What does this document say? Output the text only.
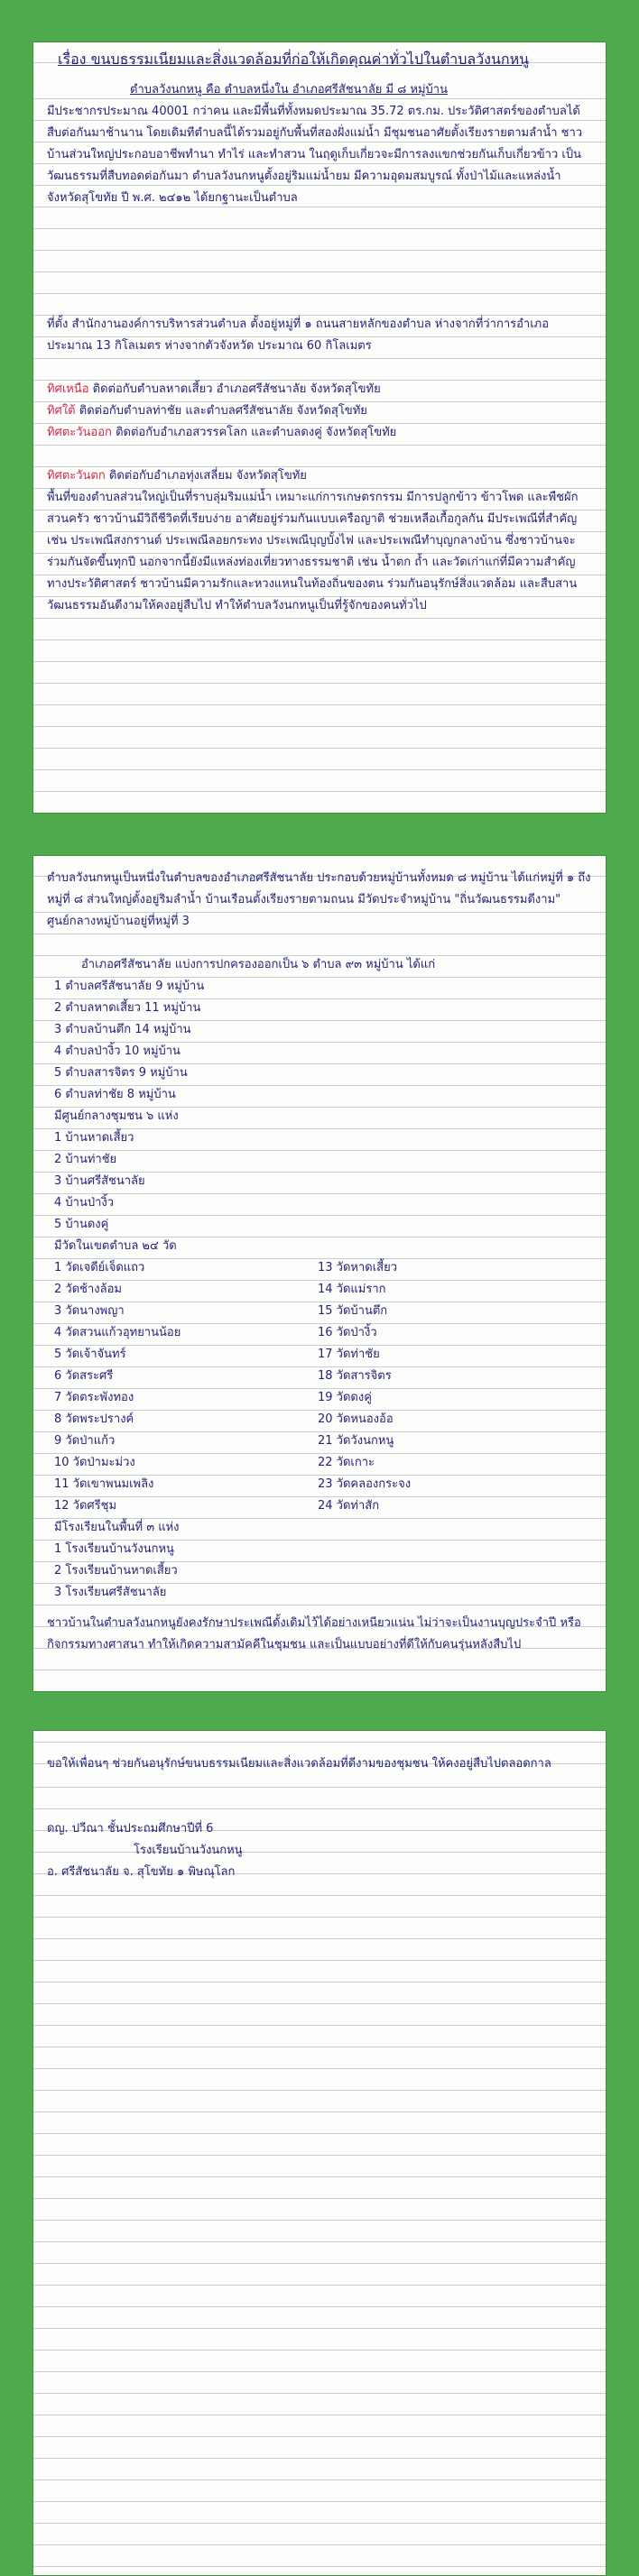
เรื่อง ขนบธรรมเนียมและสิ่งแวดล้อมที่ก่อให้เกิดคุณค่าทั่วไปในตำบลวังนกหนู
ตำบลวังนกหนู คือ ตำบลหนึ่งใน อำเภอศรีสัชนาลัย มี ๘ หมู่บ้าน
มีประชากรประมาณ 40001 กว่าคน และมีพื้นที่ทั้งหมดประมาณ 35.72 ตร.กม. ประวัติศาสตร์ของตำบลได้สืบต่อกันมาช้านาน โดยเดิมทีตำบลนี้ได้รวมอยู่กับพื้นที่สองฝั่งแม่น้ำ มีชุมชนอาศัยตั้งเรียงรายตามลำน้ำ ชาวบ้านส่วนใหญ่ประกอบอาชีพทำนา ทำไร่ และทำสวน ในฤดูเก็บเกี่ยวจะมีการลงแขกช่วยกันเก็บเกี่ยวข้าว เป็นวัฒนธรรมที่สืบทอดต่อกันมา ตำบลวังนกหนูตั้งอยู่ริมแม่น้ำยม มีความอุดมสมบูรณ์ ทั้งป่าไม้และแหล่งน้ำ จังหวัดสุโขทัย ปี พ.ศ. ๒๔๑๒ ได้ยกฐานะเป็นตำบล
ที่ตั้ง สำนักงานองค์การบริหารส่วนตำบล ตั้งอยู่หมู่ที่ ๑ ถนนสายหลักของตำบล ห่างจากที่ว่าการอำเภอ ประมาณ 13 กิโลเมตร ห่างจากตัวจังหวัด ประมาณ 60 กิโลเมตร
ทิศเหนือ ติดต่อกับตำบลหาดเสี้ยว อำเภอศรีสัชนาลัย จังหวัดสุโขทัย
ทิศใต้ ติดต่อกับตำบลท่าชัย และตำบลศรีสัชนาลัย จังหวัดสุโขทัย
ทิศตะวันออก ติดต่อกับอำเภอสวรรคโลก และตำบลดงคู่ จังหวัดสุโขทัย
ทิศตะวันตก ติดต่อกับอำเภอทุ่งเสลี่ยม จังหวัดสุโขทัย
พื้นที่ของตำบลส่วนใหญ่เป็นที่ราบลุ่มริมแม่น้ำ เหมาะแก่การเกษตรกรรม มีการปลูกข้าว ข้าวโพด และพืชผักสวนครัว ชาวบ้านมีวิถีชีวิตที่เรียบง่าย อาศัยอยู่ร่วมกันแบบเครือญาติ ช่วยเหลือเกื้อกูลกัน มีประเพณีที่สำคัญ เช่น ประเพณีสงกรานต์ ประเพณีลอยกระทง ประเพณีบุญบั้งไฟ และประเพณีทำบุญกลางบ้าน ซึ่งชาวบ้านจะร่วมกันจัดขึ้นทุกปี นอกจากนี้ยังมีแหล่งท่องเที่ยวทางธรรมชาติ เช่น น้ำตก ถ้ำ และวัดเก่าแก่ที่มีความสำคัญทางประวัติศาสตร์ ชาวบ้านมีความรักและหวงแหนในท้องถิ่นของตน ร่วมกันอนุรักษ์สิ่งแวดล้อม และสืบสานวัฒนธรรมอันดีงามให้คงอยู่สืบไป ทำให้ตำบลวังนกหนูเป็นที่รู้จักของคนทั่วไป
ตำบลวังนกหนูเป็นหนึ่งในตำบลของอำเภอศรีสัชนาลัย ประกอบด้วยหมู่บ้านทั้งหมด ๘ หมู่บ้าน ได้แก่หมู่ที่ ๑ ถึงหมู่ที่ ๘ ส่วนใหญ่ตั้งอยู่ริมลำน้ำ บ้านเรือนตั้งเรียงรายตามถนน มีวัดประจำหมู่บ้าน "ถิ่นวัฒนธรรมดีงาม" ศูนย์กลางหมู่บ้านอยู่ที่หมู่ที่ 3
อำเภอศรีสัชนาลัย แบ่งการปกครองออกเป็น ๖ ตำบล ๙๓ หมู่บ้าน ได้แก่
1 ตำบลศรีสัชนาลัย 9 หมู่บ้าน
2 ตำบลหาดเสี้ยว 11 หมู่บ้าน
3 ตำบลบ้านตึก 14 หมู่บ้าน
4 ตำบลป่างิ้ว 10 หมู่บ้าน
5 ตำบลสารจิตร 9 หมู่บ้าน
6 ตำบลท่าชัย 8 หมู่บ้าน
มีศูนย์กลางชุมชน ๖ แห่ง
1 บ้านหาดเสี้ยว
2 บ้านท่าชัย
3 บ้านศรีสัชนาลัย
4 บ้านป่างิ้ว
5 บ้านดงคู่
มีวัดในเขตตำบล ๒๔ วัด
1 วัดเจดีย์เจ็ดแถว
2 วัดช้างล้อม
3 วัดนางพญา
4 วัดสวนแก้วอุทยานน้อย
5 วัดเจ้าจันทร์
6 วัดสระศรี
7 วัดตระพังทอง
8 วัดพระปรางค์
9 วัดป่าแก้ว
10 วัดป่ามะม่วง
11 วัดเขาพนมเพลิง
12 วัดศรีชุม
13 วัดหาดเสี้ยว
14 วัดแม่ราก
15 วัดบ้านตึก
16 วัดป่างิ้ว
17 วัดท่าชัย
18 วัดสารจิตร
19 วัดดงคู่
20 วัดหนองอ้อ
21 วัดวังนกหนู
22 วัดเกาะ
23 วัดคลองกระจง
24 วัดท่าสัก
มีโรงเรียนในพื้นที่ ๓ แห่ง
1 โรงเรียนบ้านวังนกหนู
2 โรงเรียนบ้านหาดเสี้ยว
3 โรงเรียนศรีสัชนาลัย
ชาวบ้านในตำบลวังนกหนูยังคงรักษาประเพณีดั้งเดิมไว้ได้อย่างเหนียวแน่น ไม่ว่าจะเป็นงานบุญประจำปี หรือกิจกรรมทางศาสนา ทำให้เกิดความสามัคคีในชุมชน และเป็นแบบอย่างที่ดีให้กับคนรุ่นหลังสืบไป
ขอให้เพื่อนๆ ช่วยกันอนุรักษ์ขนบธรรมเนียมและสิ่งแวดล้อมที่ดีงามของชุมชน ให้คงอยู่สืบไปตลอดกาล
ดญ. ปวีณา ชั้นประถมศึกษาปีที่ 6
โรงเรียนบ้านวังนกหนู
อ. ศรีสัชนาลัย จ. สุโขทัย ๑ พิษณุโลก
